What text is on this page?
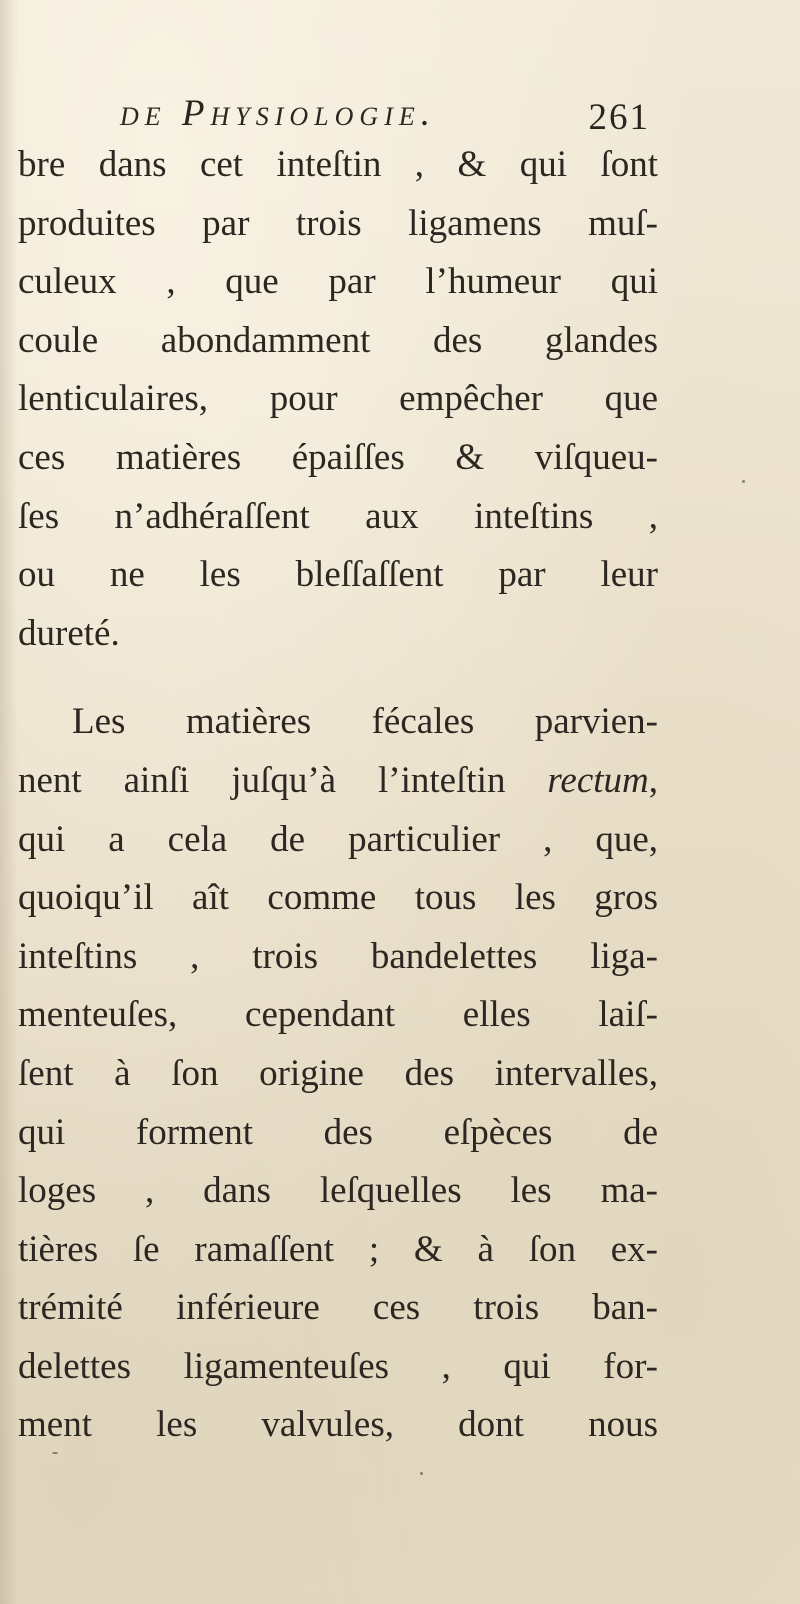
de Physiologie.	261
bre dans cet inteſtin , & qui ſont
produites par trois ligamens muſ-
culeux , que par l’humeur qui
coule abondamment des glandes
lenticulaires, pour empêcher que
ces matières épaiſſes & viſqueu-
ſes n’adhéraſſent aux inteſtins ,
ou ne les bleſſaſſent par leur
dureté.
Les matières fécales parvien-
nent ainſi juſqu’à l’inteſtin rectum,
qui a cela de particulier , que,
quoiqu’il aît comme tous les gros
inteſtins , trois bandelettes liga-
menteuſes, cependant elles laiſ-
ſent à ſon origine des intervalles,
qui forment des eſpèces de
loges , dans leſquelles les ma-
tières ſe ramaſſent ; & à ſon ex-
trémité inférieure ces trois ban-
delettes ligamenteuſes , qui for-
ment les valvules, dont nous
